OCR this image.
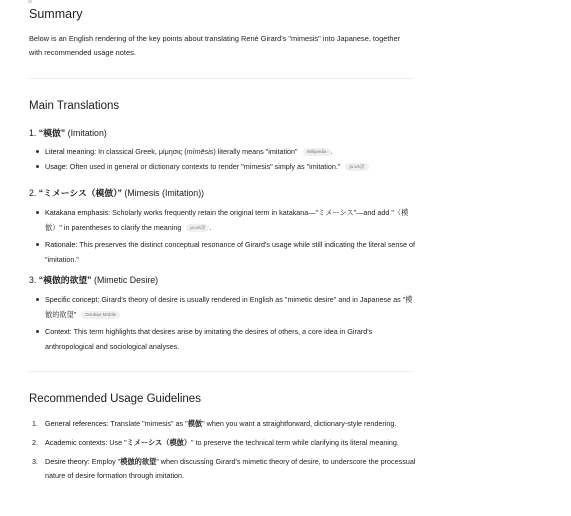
Summary

Below is an English rendering of the key points about translating René Girard's "mimesis" into Japanese, together with recommended usage notes.

Main Translations
1. “模倣” (Imitation)
Literal meaning: In classical Greek, μίμησις (mímēsis) literally means "imitation" Wikipedia .
Usage: Often used in general or dictionary contexts to render "mimesis" simply as "imitation." ja.ws語
2. “ミメーシス（模倣）” (Mimesis (Imitation))
Katakana emphasis: Scholarly works frequently retain the original term in katakana—"ミメーシス"—and add "（模倣）" in parentheses to clarify the meaning ja.ws語 .
Rationale: This preserves the distinct conceptual resonance of Girard's usage while still indicating the literal sense of "imitation."
3. “模倣的欲望” (Mimetic Desire)
Specific concept: Girard's theory of desire is usually rendered in English as "mimetic desire" and in Japanese as "模倣的欲望" Doubao Mobile
Context: This term highlights that desires arise by imitating the desires of others, a core idea in Girard's anthropological and sociological analyses.
Recommended Usage Guidelines
1. General references: Translate "mimesis" as "模倣" when you want a straightforward, dictionary-style rendering.
2. Academic contexts: Use "ミメーシス（模倣）" to preserve the technical term while clarifying its literal meaning.
3. Desire theory: Employ "模倣的欲望" when discussing Girard's mimetic theory of desire, to underscore the processual nature of desire formation through imitation.
